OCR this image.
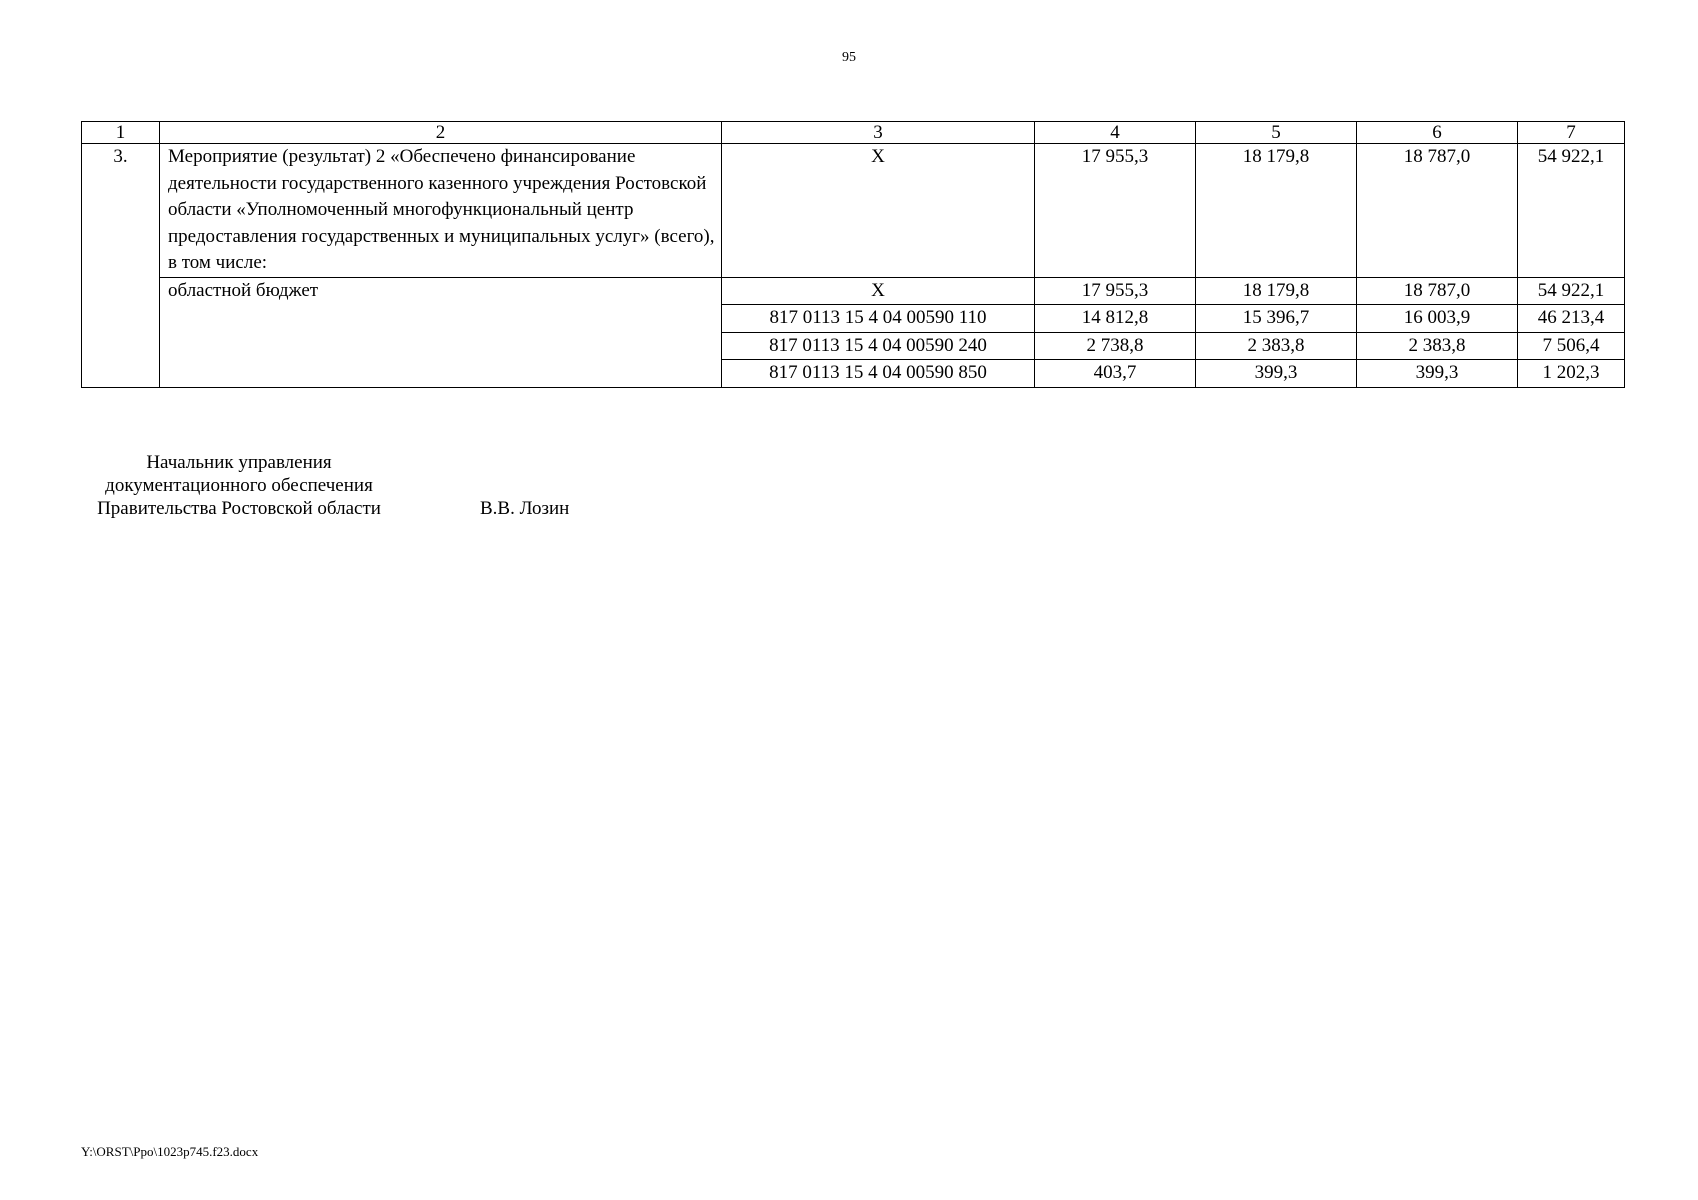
95
1	2	3	4	5	6	7
3.	Мероприятие (результат) 2 «Обеспечено финансирование деятельности государственного казенного учреждения Ростовской области «Уполномоченный многофункциональный центр предоставления государственных и муниципальных услуг» (всего), в том числе:	X	17 955,3	18 179,8	18 787,0	54 922,1
	областной бюджет	X	17 955,3	18 179,8	18 787,0	54 922,1
		817 0113 15 4 04 00590 110	14 812,8	15 396,7	16 003,9	46 213,4
		817 0113 15 4 04 00590 240	2 738,8	2 383,8	2 383,8	7 506,4
		817 0113 15 4 04 00590 850	403,7	399,3	399,3	1 202,3
Начальник управления
документационного обеспечения
Правительства Ростовской области	В.В. Лозин
Y:\ORST\Ppo\1023p745.f23.docx
